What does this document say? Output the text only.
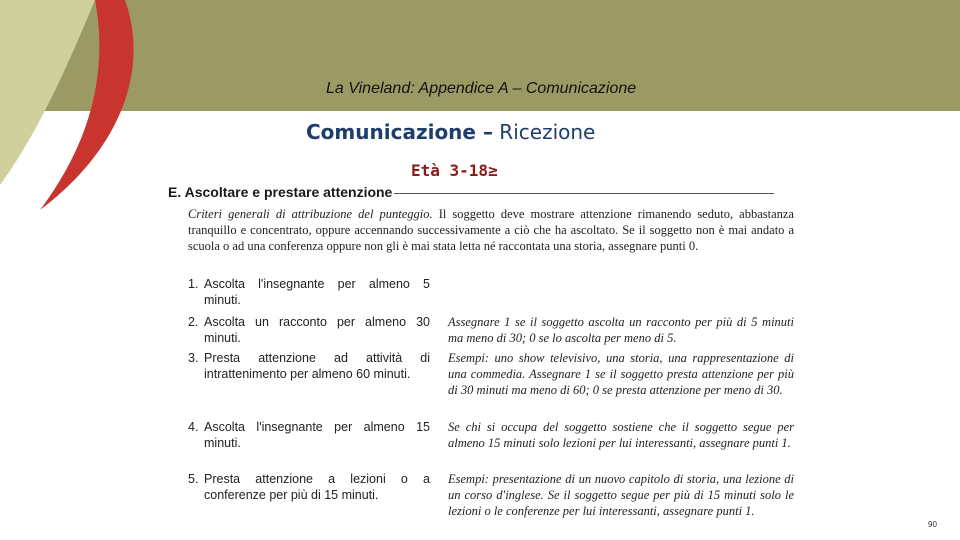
La Vineland: Appendice A – Comunicazione
Comunicazione – Ricezione
Età 3-18≥
E. Ascoltare e prestare attenzione
Criteri generali di attribuzione del punteggio. Il soggetto deve mostrare attenzione rimanendo seduto, abbastanza tranquillo e concentrato, oppure accennando successivamente a ciò che ha ascoltato. Se il soggetto non è mai andato a scuola o ad una conferenza oppure non gli è mai stata letta né raccontata una storia, assegnare punti 0.
1. Ascolta l'insegnante per almeno 5 minuti.
2. Ascolta un racconto per almeno 30 minuti.
Assegnare 1 se il soggetto ascolta un racconto per più di 5 minuti ma meno di 30; 0 se lo ascolta per meno di 5.
3. Presta attenzione ad attività di intrattenimento per almeno 60 minuti.
Esempi: uno show televisivo, una storia, una rappresentazione di una commedia. Assegnare 1 se il soggetto presta attenzione per più di 30 minuti ma meno di 60; 0 se presta attenzione per meno di 30.
4. Ascolta l'insegnante per almeno 15 minuti.
Se chi si occupa del soggetto sostiene che il soggetto segue per almeno 15 minuti solo lezioni per lui interessanti, assegnare punti 1.
5. Presta attenzione a lezioni o a conferenze per più di 15 minuti.
Esempi: presentazione di un nuovo capitolo di storia, una lezione di un corso d'inglese. Se il soggetto segue per più di 15 minuti solo le lezioni o le conferenze per lui interessanti, assegnare punti 1.
90
